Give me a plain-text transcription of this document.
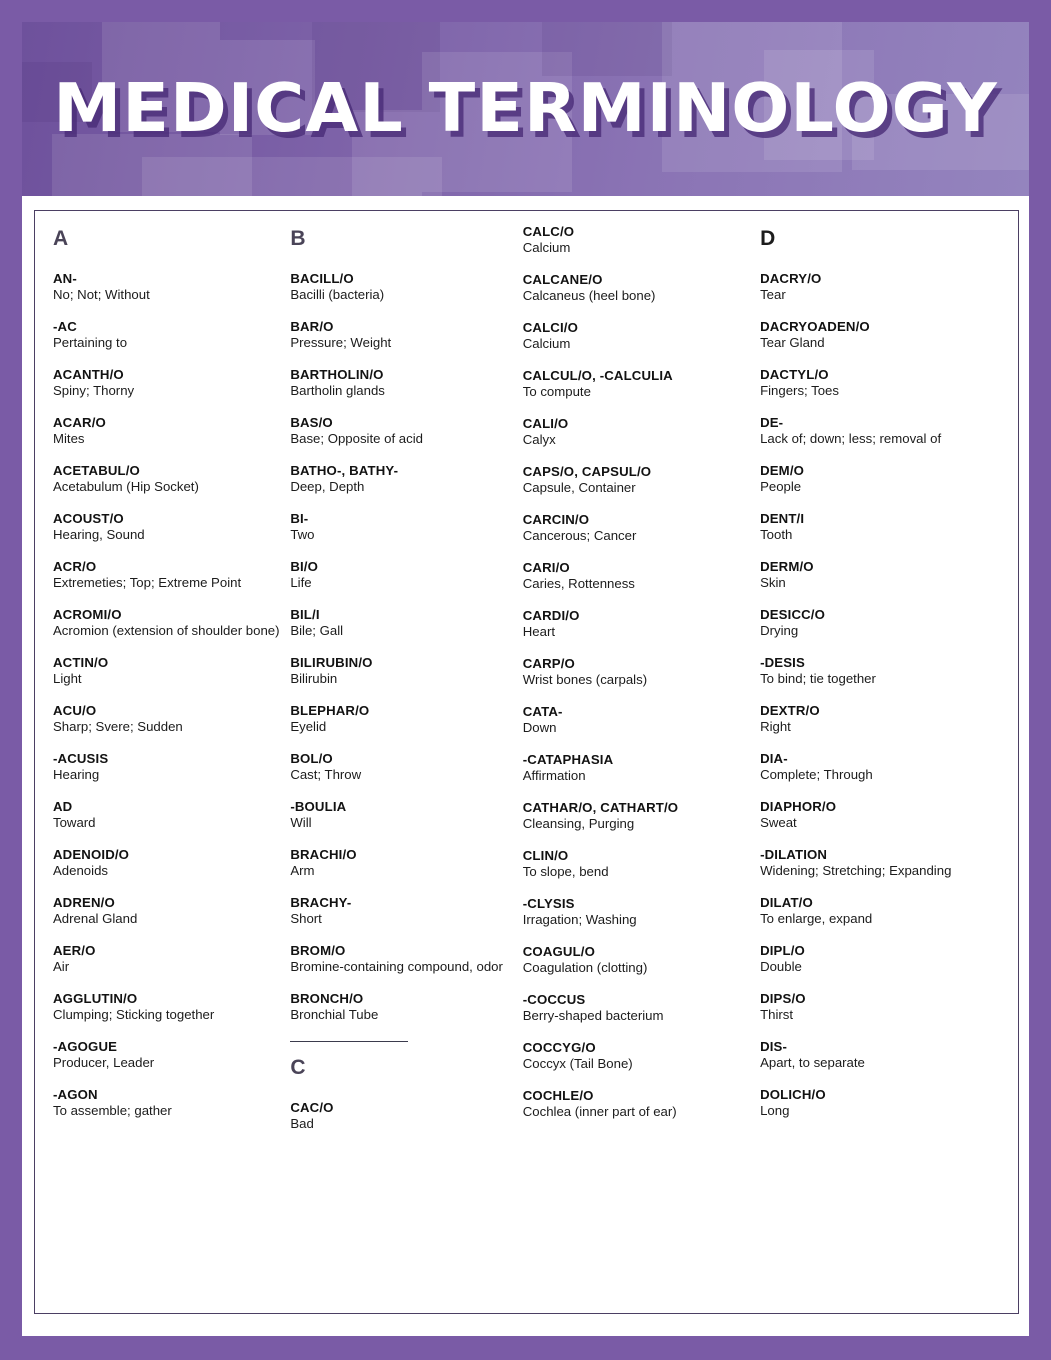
MEDICAL TERMINOLOGY
A
AN-
No; Not; Without
-AC
Pertaining to
ACANTH/O
Spiny; Thorny
ACAR/O
Mites
ACETABUL/O
Acetabulum (Hip Socket)
ACOUST/O
Hearing, Sound
ACR/O
Extremeties; Top; Extreme Point
ACROMI/O
Acromion (extension of shoulder bone)
ACTIN/O
Light
ACU/O
Sharp; Svere; Sudden
-ACUSIS
Hearing
AD
Toward
ADENOID/O
Adenoids
ADREN/O
Adrenal Gland
AER/O
Air
AGGLUTIN/O
Clumping; Sticking together
-AGOGUE
Producer, Leader
-AGON
To assemble; gather
B
BACILL/O
Bacilli (bacteria)
BAR/O
Pressure; Weight
BARTHOLIN/O
Bartholin glands
BAS/O
Base; Opposite of acid
BATHO-, BATHY-
Deep, Depth
BI-
Two
BI/O
Life
BIL/I
Bile; Gall
BILIRUBIN/O
Bilirubin
BLEPHAR/O
Eyelid
BOL/O
Cast; Throw
-BOULIA
Will
BRACHI/O
Arm
BRACHY-
Short
BROM/O
Bromine-containing compound, odor
BRONCH/O
Bronchial Tube
C
CAC/O
Bad
CALC/O
Calcium
CALCANE/O
Calcaneus (heel bone)
CALCI/O
Calcium
CALCUL/O, -CALCULIA
To compute
CALI/O
Calyx
CAPS/O, CAPSUL/O
Capsule, Container
CARCIN/O
Cancerous; Cancer
CARI/O
Caries, Rottenness
CARDI/O
Heart
CARP/O
Wrist bones (carpals)
CATA-
Down
-CATAPHASIA
Affirmation
CATHAR/O, CATHART/O
Cleansing, Purging
CLIN/O
To slope, bend
-CLYSIS
Irragation; Washing
COAGUL/O
Coagulation (clotting)
-COCCUS
Berry-shaped bacterium
COCCYG/O
Coccyx (Tail Bone)
COCHLE/O
Cochlea (inner part of ear)
D
DACRY/O
Tear
DACRYOADEN/O
Tear Gland
DACTYL/O
Fingers; Toes
DE-
Lack of; down; less; removal of
DEM/O
People
DENT/I
Tooth
DERM/O
Skin
DESICC/O
Drying
-DESIS
To bind; tie together
DEXTR/O
Right
DIA-
Complete; Through
DIAPHOR/O
Sweat
-DILATION
Widening; Stretching; Expanding
DILAT/O
To enlarge, expand
DIPL/O
Double
DIPS/O
Thirst
DIS-
Apart, to separate
DOLICH/O
Long
